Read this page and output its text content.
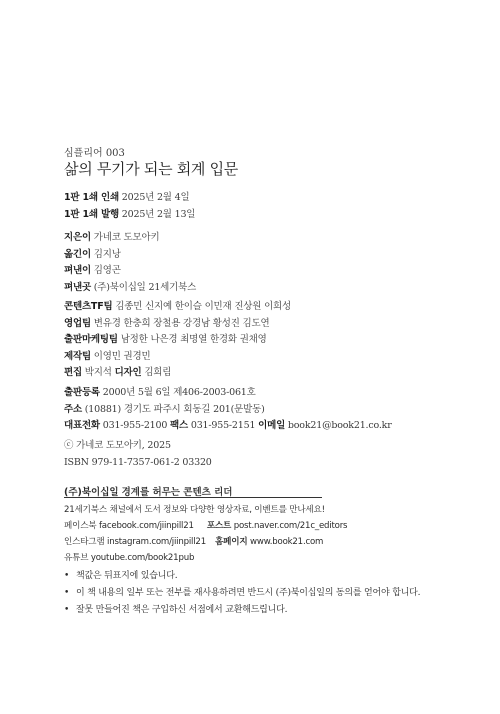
심플리어 003
삶의 무기가 되는 회계 입문
1판 1쇄 인쇄 2025년 2월 4일
1판 1쇄 발행 2025년 2월 13일
지은이 가네코 도모아키
옮긴이 김지낭
펴낸이 김영곤
펴낸곳 (주)북이십일 21세기북스
콘텐츠TF팀 김종민 신지예 한이슬 이민재 진상원 이희성
영업팀 변유경 한충희 장철용 강경남 황성진 김도연
출판마케팅팀 남정한 나은경 최명열 한경화 권채영
제작팀 이영민 권경민
편집 박지석 디자인 김희림
출판등록 2000년 5월 6일 제406-2003-061호
주소 (10881) 경기도 파주시 회동길 201(문발동)
대표전화 031-955-2100 팩스 031-955-2151 이메일 book21@book21.co.kr
ⓒ 가네코 도모아키, 2025
ISBN 979-11-7357-061-2 03320
(주)북이십일 경계를 허무는 콘텐츠 리더
21세기북스 채널에서 도서 정보와 다양한 영상자료, 이벤트를 만나세요!
페이스북 facebook.com/jiinpill21 포스트 post.naver.com/21c_editors
인스타그램 instagram.com/jiinpill21 홈페이지 www.book21.com
유튜브 youtube.com/book21pub
• 책값은 뒤표지에 있습니다.
• 이 책 내용의 일부 또는 전부를 재사용하려면 반드시 (주)북이십일의 동의를 얻어야 합니다.
• 잘못 만들어진 책은 구입하신 서점에서 교환해드립니다.
